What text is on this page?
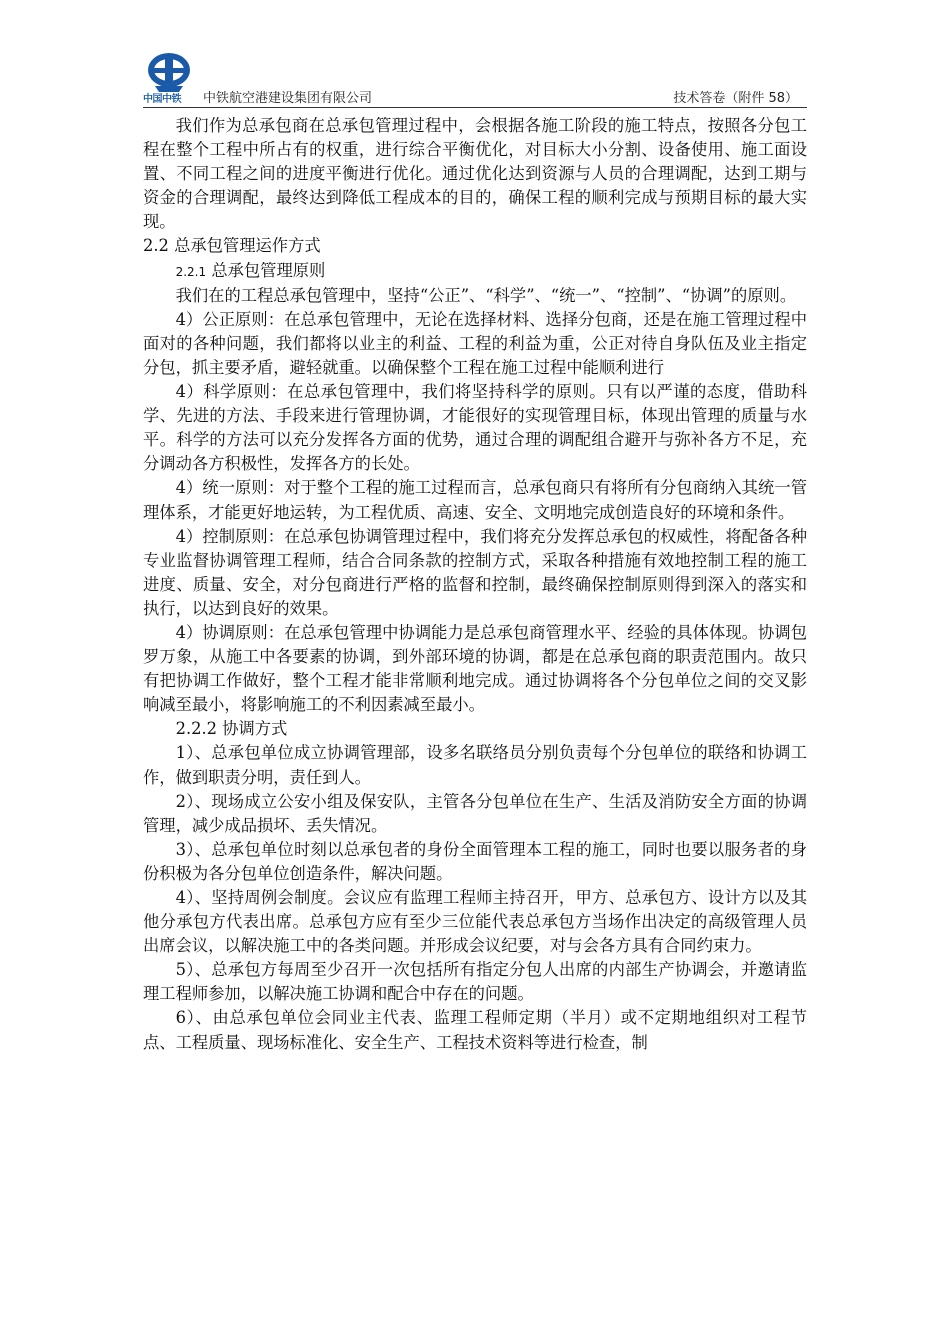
中国中铁	中铁航空港建设集团有限公司	技术答卷（附件 58）

我们作为总承包商在总承包管理过程中，会根据各施工阶段的施工特点，按照各分包工程在整个工程中所占有的权重，进行综合平衡优化，对目标大小分割、设备使用、施工面设置、不同工程之间的进度平衡进行优化。通过优化达到资源与人员的合理调配，达到工期与资金的合理调配，最终达到降低工程成本的目的，确保工程的顺利完成与预期目标的最大实现。

2.2 总承包管理运作方式

2.2.1 总承包管理原则

我们在的工程总承包管理中，坚持“公正”、“科学”、“统一”、“控制”、“协调”的原则。

4）公正原则：在总承包管理中，无论在选择材料、选择分包商，还是在施工管理过程中面对的各种问题，我们都将以业主的利益、工程的利益为重，公正对待自身队伍及业主指定分包，抓主要矛盾，避轻就重。以确保整个工程在施工过程中能顺利进行

4）科学原则：在总承包管理中，我们将坚持科学的原则。只有以严谨的态度，借助科学、先进的方法、手段来进行管理协调，才能很好的实现管理目标，体现出管理的质量与水平。科学的方法可以充分发挥各方面的优势，通过合理的调配组合避开与弥补各方不足，充分调动各方积极性，发挥各方的长处。

4）统一原则：对于整个工程的施工过程而言，总承包商只有将所有分包商纳入其统一管理体系，才能更好地运转，为工程优质、高速、安全、文明地完成创造良好的环境和条件。

4）控制原则：在总承包协调管理过程中，我们将充分发挥总承包的权威性，将配备各种专业监督协调管理工程师，结合合同条款的控制方式，采取各种措施有效地控制工程的施工进度、质量、安全，对分包商进行严格的监督和控制，最终确保控制原则得到深入的落实和执行，以达到良好的效果。

4）协调原则：在总承包管理中协调能力是总承包商管理水平、经验的具体体现。协调包罗万象，从施工中各要素的协调，到外部环境的协调，都是在总承包商的职责范围内。故只有把协调工作做好，整个工程才能非常顺利地完成。通过协调将各个分包单位之间的交叉影响减至最小，将影响施工的不利因素减至最小。

2.2.2 协调方式

1）、总承包单位成立协调管理部，设多名联络员分别负责每个分包单位的联络和协调工作，做到职责分明，责任到人。

2）、现场成立公安小组及保安队，主管各分包单位在生产、生活及消防安全方面的协调管理，减少成品损坏、丢失情况。

3）、总承包单位时刻以总承包者的身份全面管理本工程的施工，同时也要以服务者的身份积极为各分包单位创造条件，解决问题。

4）、坚持周例会制度。会议应有监理工程师主持召开，甲方、总承包方、设计方以及其他分承包方代表出席。总承包方应有至少三位能代表总承包方当场作出决定的高级管理人员出席会议，以解决施工中的各类问题。并形成会议纪要，对与会各方具有合同约束力。

5）、总承包方每周至少召开一次包括所有指定分包人出席的内部生产协调会，并邀请监理工程师参加，以解决施工协调和配合中存在的问题。

6）、由总承包单位会同业主代表、监理工程师定期（半月）或不定期地组织对工程节点、工程质量、现场标准化、安全生产、工程技术资料等进行检查，制
